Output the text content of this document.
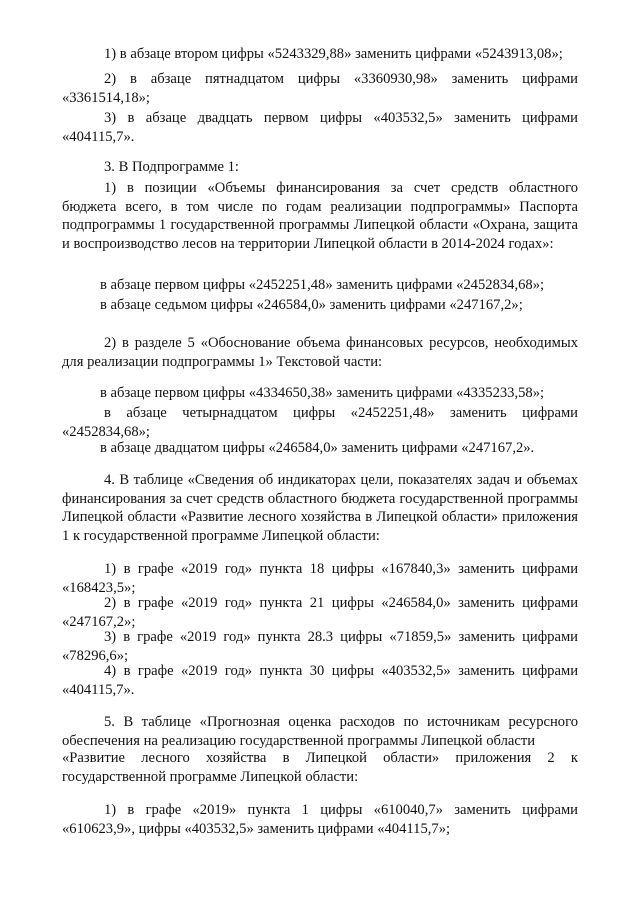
1) в абзаце втором цифры «5243329,88» заменить цифрами «5243913,08»;

2) в абзаце пятнадцатом цифры «3360930,98» заменить цифрами «3361514,18»;

3) в абзаце двадцать первом цифры «403532,5» заменить цифрами «404115,7».

3. В Подпрограмме 1:

1) в позиции «Объемы финансирования за счет средств областного бюджета всего, в том числе по годам реализации подпрограммы» Паспорта подпрограммы 1 государственной программы Липецкой области «Охрана, защита и воспроизводство лесов на территории Липецкой области в 2014-2024 годах»:

в абзаце первом цифры «2452251,48» заменить цифрами «2452834,68»;

в абзаце седьмом цифры «246584,0» заменить цифрами «247167,2»;

2) в разделе 5 «Обоснование объема финансовых ресурсов, необходимых для реализации подпрограммы 1» Текстовой части:

в абзаце первом цифры «4334650,38» заменить цифрами «4335233,58»;

в абзаце четырнадцатом цифры «2452251,48» заменить цифрами «2452834,68»;

в абзаце двадцатом цифры «246584,0» заменить цифрами «247167,2».

4. В таблице «Сведения об индикаторах цели, показателях задач и объемах финансирования за счет средств областного бюджета государственной программы Липецкой области «Развитие лесного хозяйства в Липецкой области» приложения 1 к государственной программе Липецкой области:

1) в графе «2019 год» пункта 18 цифры «167840,3» заменить цифрами «168423,5»;

2) в графе «2019 год» пункта 21 цифры «246584,0» заменить цифрами «247167,2»;

3) в графе «2019 год» пункта 28.3 цифры «71859,5» заменить цифрами «78296,6»;

4) в графе «2019 год» пункта 30 цифры «403532,5» заменить цифрами «404115,7».

5. В таблице «Прогнозная оценка расходов по источникам ресурсного обеспечения на реализацию государственной программы Липецкой области

«Развитие лесного хозяйства в Липецкой области» приложения 2 к государственной программе Липецкой области:

1) в графе «2019» пункта 1 цифры «610040,7» заменить цифрами «610623,9», цифры «403532,5» заменить цифрами «404115,7»;
